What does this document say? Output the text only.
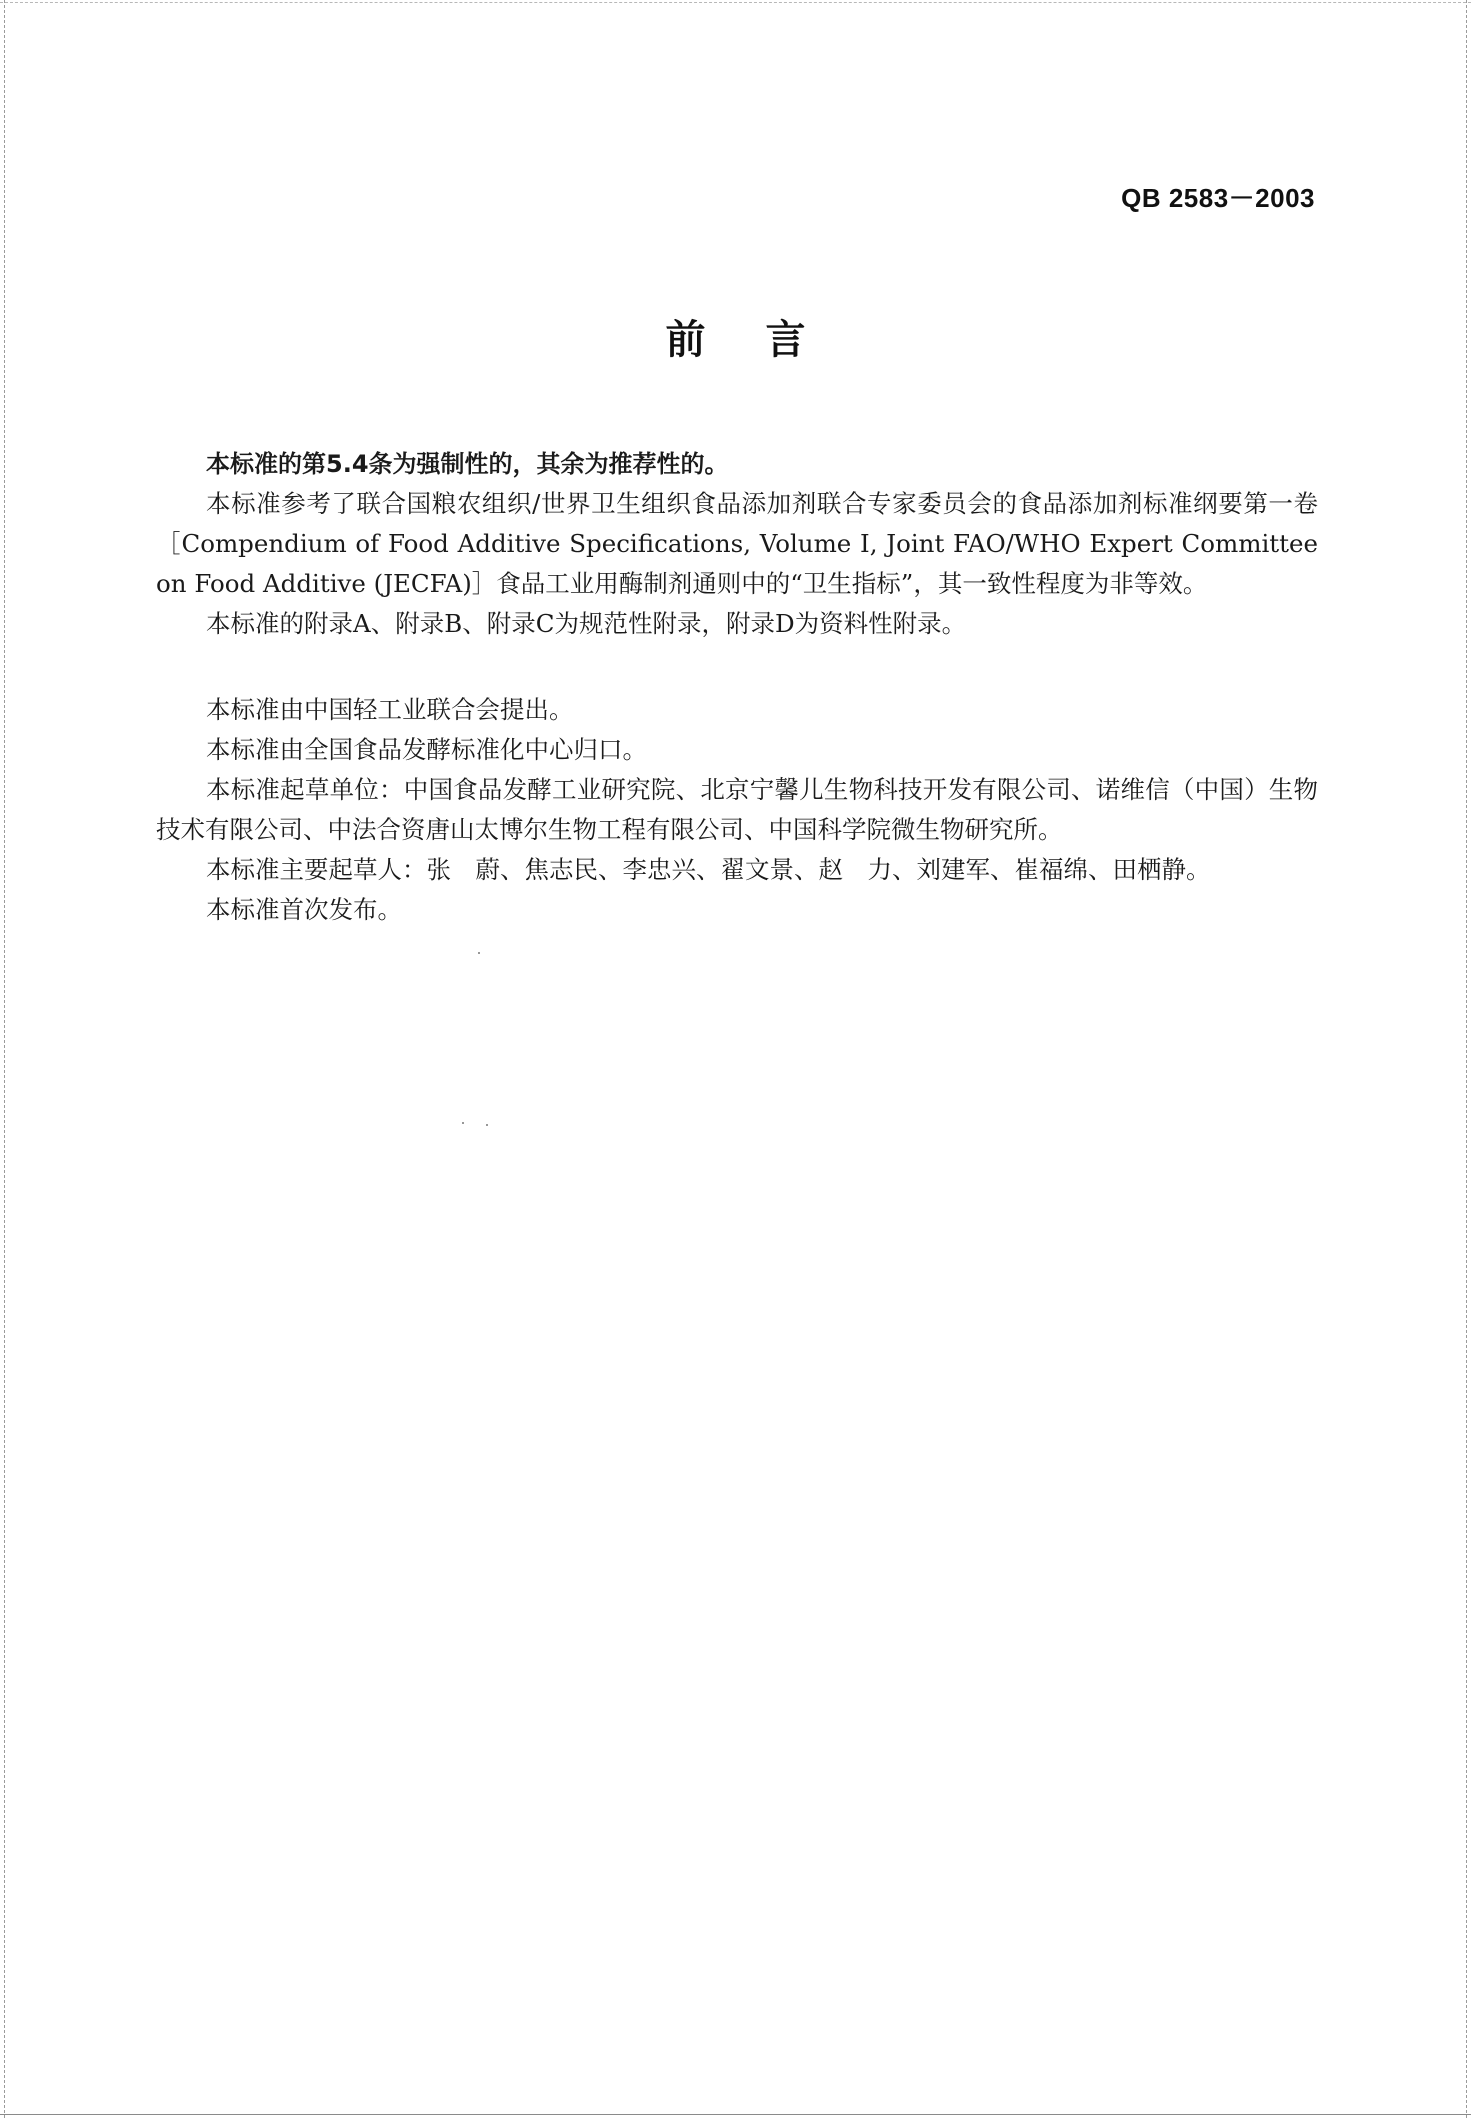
QB 2583－2003
前言

本标准的第5.4条为强制性的，其余为推荐性的。

本标准参考了联合国粮农组织/世界卫生组织食品添加剂联合专家委员会的食品添加剂标准纲要第一卷［Compendium of Food Additive Specifications, Volume I, Joint FAO/WHO Expert Committee on Food Additive (JECFA)］食品工业用酶制剂通则中的“卫生指标”，其一致性程度为非等效。

本标准的附录A、附录B、附录C为规范性附录，附录D为资料性附录。

本标准由中国轻工业联合会提出。

本标准由全国食品发酵标准化中心归口。

本标准起草单位：中国食品发酵工业研究院、北京宁馨儿生物科技开发有限公司、诺维信（中国）生物技术有限公司、中法合资唐山太博尔生物工程有限公司、中国科学院微生物研究所。

本标准主要起草人：张　蔚、焦志民、李忠兴、翟文景、赵　力、刘建军、崔福绵、田栖静。

本标准首次发布。
